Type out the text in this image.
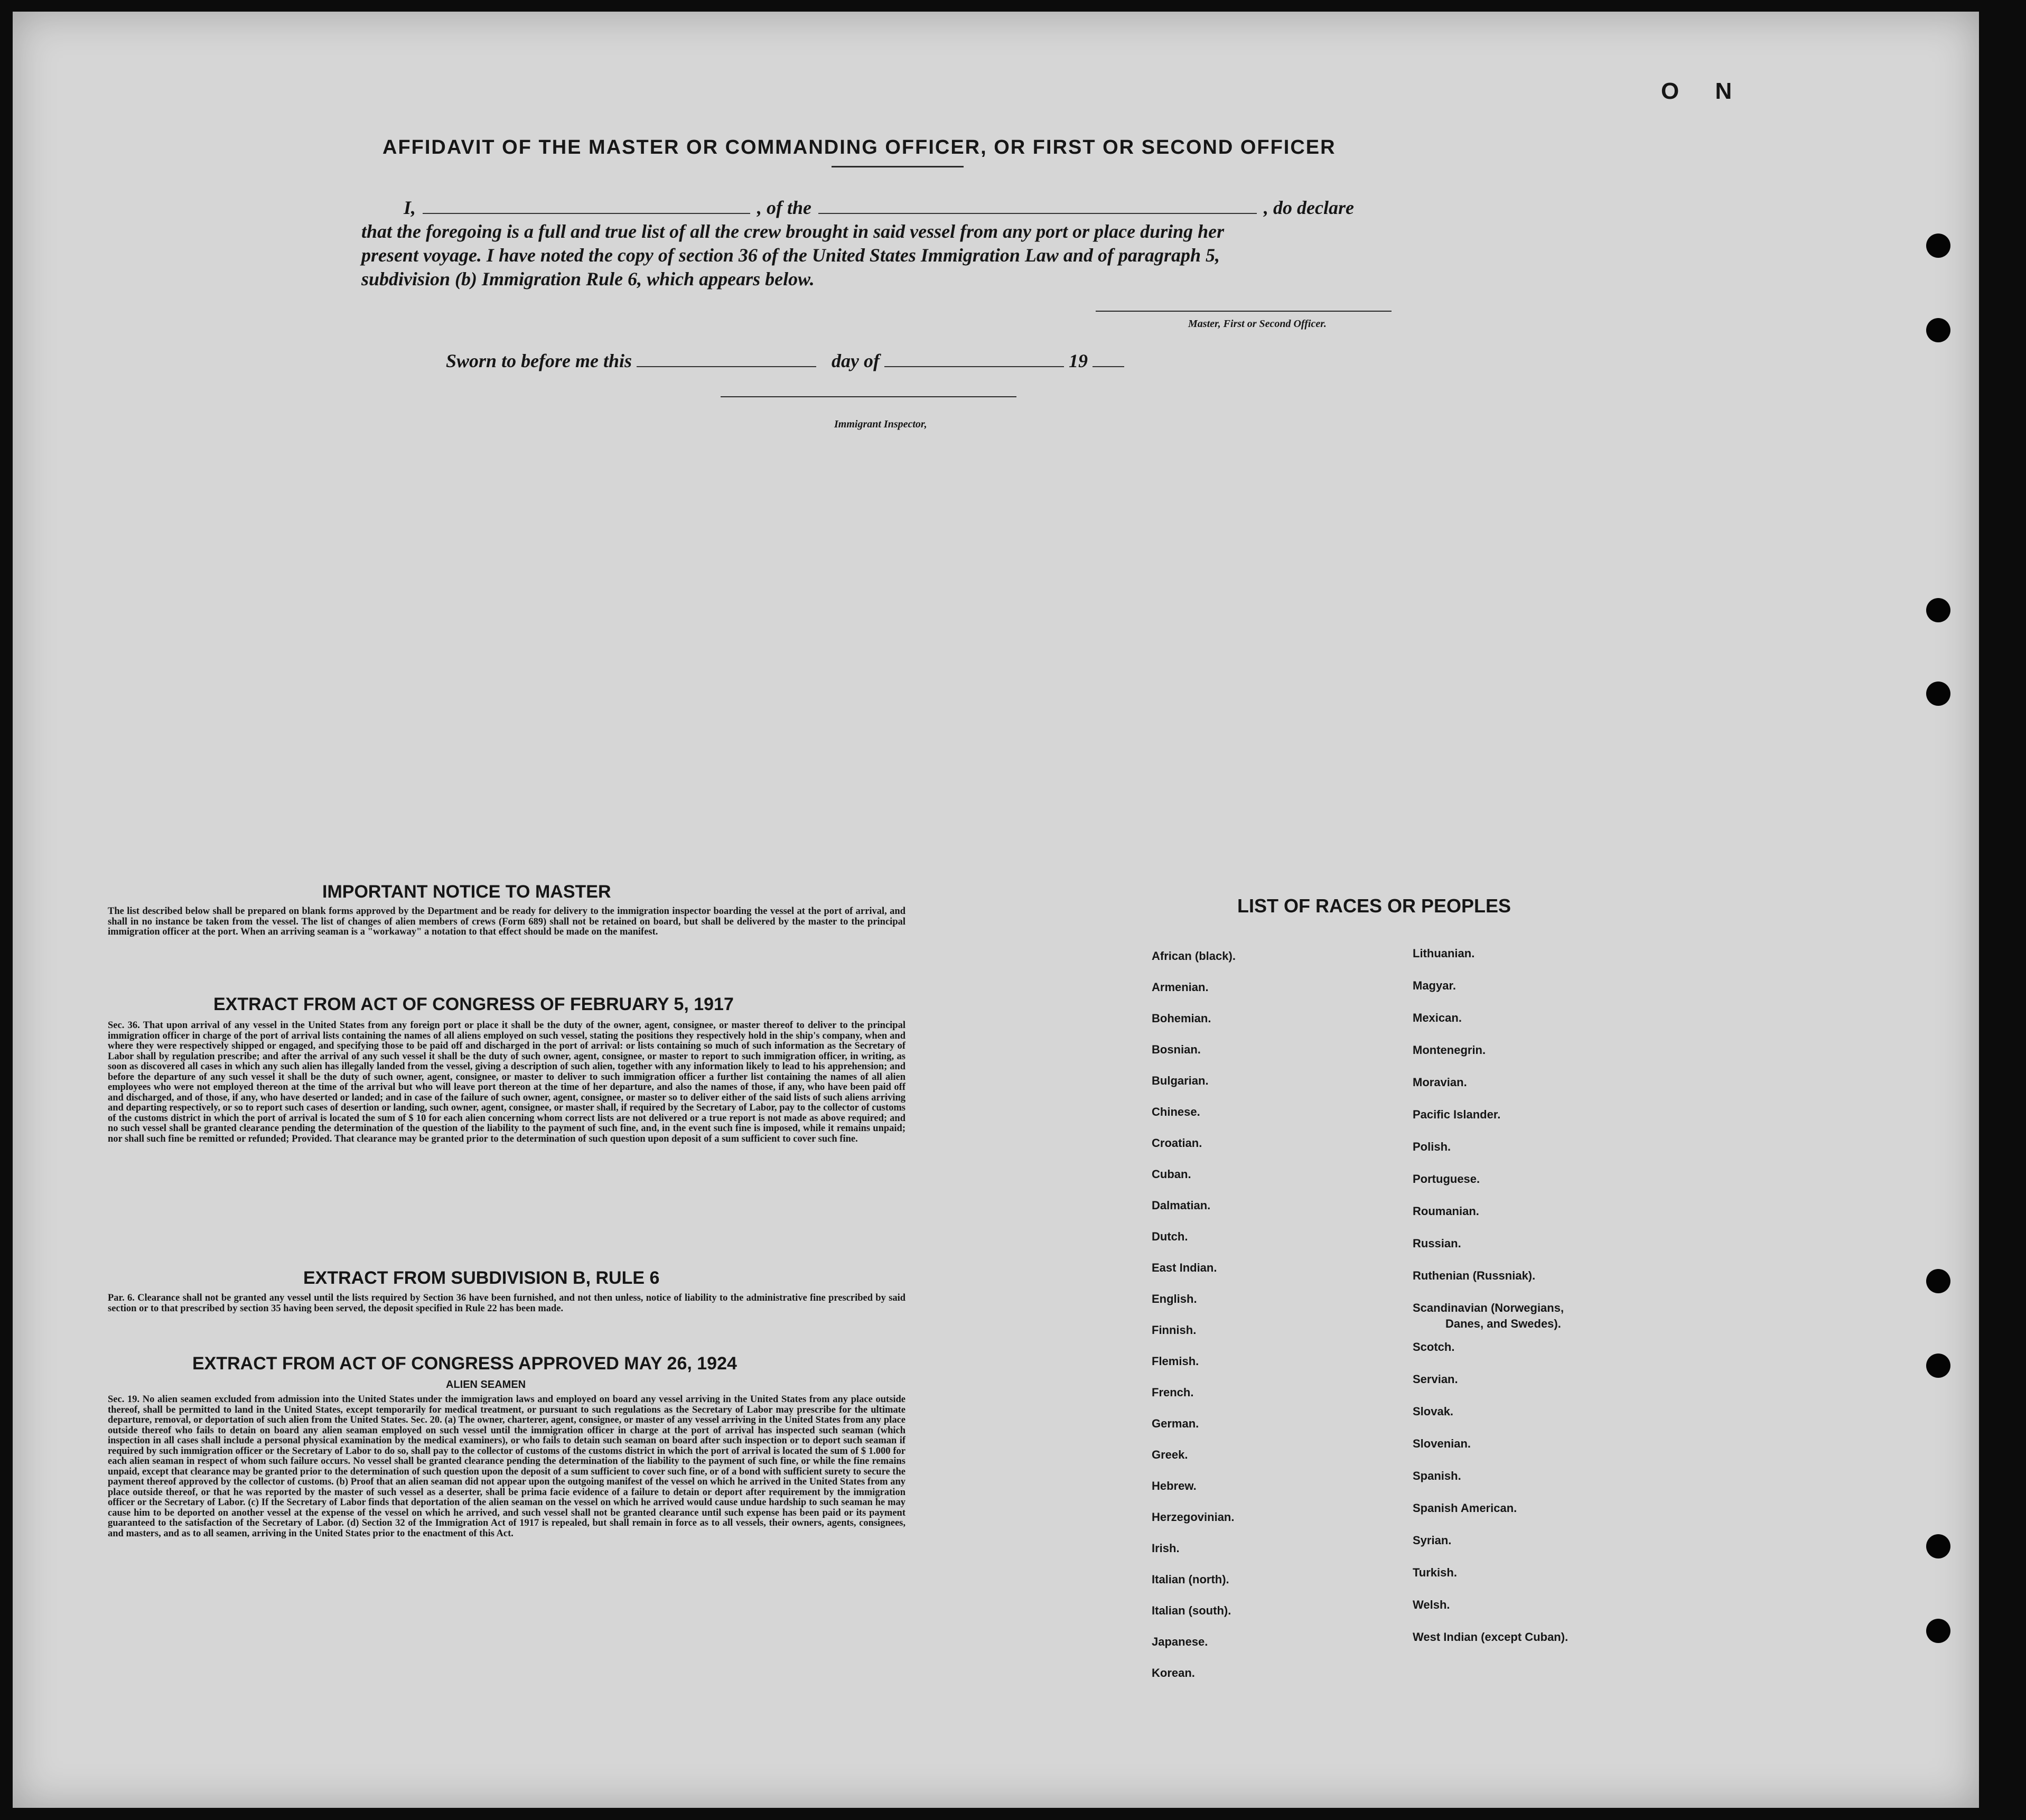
O N
AFFIDAVIT OF THE MASTER OR COMMANDING OFFICER, OR FIRST OR SECOND OFFICER
I,	, of the	, do declare
that the foregoing is a full and true list of all the crew brought in said vessel from any port or place during her
present voyage. I have noted the copy of section 36 of the United States Immigration Law and of paragraph 5,
subdivision (b) Immigration Rule 6, which appears below.
Master, First or Second Officer.
Sworn to before me this	day of	19
Immigrant Inspector,
IMPORTANT NOTICE TO MASTER
The list described below shall be prepared on blank forms approved by the Department and be ready for delivery to the immigration inspector boarding the vessel at the port of arrival, and shall in no instance be taken from the vessel. The list of changes of alien members of crews (Form 689) shall not be retained on board, but shall be delivered by the master to the principal immigration officer at the port. When an arriving seaman is a "workaway" a notation to that effect should be made on the manifest.
EXTRACT FROM ACT OF CONGRESS OF FEBRUARY 5, 1917
Sec. 36. That upon arrival of any vessel in the United States from any foreign port or place it shall be the duty of the owner, agent, consignee, or master thereof to deliver to the principal immigration officer in charge of the port of arrival lists containing the names of all aliens employed on such vessel, stating the positions they respectively hold in the ship's company, when and where they were respectively shipped or engaged, and specifying those to be paid off and discharged in the port of arrival: or lists containing so much of such information as the Secretary of Labor shall by regulation prescribe; and after the arrival of any such vessel it shall be the duty of such owner, agent, consignee, or master to report to such immigration officer, in writing, as soon as discovered all cases in which any such alien has illegally landed from the vessel, giving a description of such alien, together with any information likely to lead to his apprehension; and before the departure of any such vessel it shall be the duty of such owner, agent, consignee, or master to deliver to such immigration officer a further list containing the names of all alien employees who were not employed thereon at the time of the arrival but who will leave port thereon at the time of her departure, and also the names of those, if any, who have been paid off and discharged, and of those, if any, who have deserted or landed; and in case of the failure of such owner, agent, consignee, or master so to deliver either of the said lists of such aliens arriving and departing respectively, or so to report such cases of desertion or landing, such owner, agent, consignee, or master shall, if required by the Secretary of Labor, pay to the collector of customs of the customs district in which the port of arrival is located the sum of $ 10 for each alien concerning whom correct lists are not delivered or a true report is not made as above required; and no such vessel shall be granted clearance pending the determination of the question of the liability to the payment of such fine, and, in the event such fine is imposed, while it remains unpaid; nor shall such fine be remitted or refunded; Provided. That clearance may be granted prior to the determination of such question upon deposit of a sum sufficient to cover such fine.
EXTRACT FROM SUBDIVISION B, RULE 6
Par. 6. Clearance shall not be granted any vessel until the lists required by Section 36 have been furnished, and not then unless, notice of liability to the administrative fine prescribed by said section or to that prescribed by section 35 having been served, the deposit specified in Rule 22 has been made.
EXTRACT FROM ACT OF CONGRESS APPROVED MAY 26, 1924
ALIEN SEAMEN
Sec. 19. No alien seamen excluded from admission into the United States under the immigration laws and employed on board any vessel arriving in the United States from any place outside thereof, shall be permitted to land in the United States, except temporarily for medical treatment, or pursuant to such regulations as the Secretary of Labor may prescribe for the ultimate departure, removal, or deportation of such alien from the United States. Sec. 20. (a) The owner, charterer, agent, consignee, or master of any vessel arriving in the United States from any place outside thereof who fails to detain on board any alien seaman employed on such vessel until the immigration officer in charge at the port of arrival has inspected such seaman (which inspection in all cases shall include a personal physical examination by the medical examiners), or who fails to detain such seaman on board after such inspection or to deport such seaman if required by such immigration officer or the Secretary of Labor to do so, shall pay to the collector of customs of the customs district in which the port of arrival is located the sum of $ 1.000 for each alien seaman in respect of whom such failure occurs. No vessel shall be granted clearance pending the determination of the liability to the payment of such fine, or while the fine remains unpaid, except that clearance may be granted prior to the determination of such question upon the deposit of a sum sufficient to cover such fine, or of a bond with sufficient surety to secure the payment thereof approved by the collector of customs. (b) Proof that an alien seaman did not appear upon the outgoing manifest of the vessel on which he arrived in the United States from any place outside thereof, or that he was reported by the master of such vessel as a deserter, shall be prima facie evidence of a failure to detain or deport after requirement by the immigration officer or the Secretary of Labor. (c) If the Secretary of Labor finds that deportation of the alien seaman on the vessel on which he arrived would cause undue hardship to such seaman he may cause him to be deported on another vessel at the expense of the vessel on which he arrived, and such vessel shall not be granted clearance until such expense has been paid or its payment guaranteed to the satisfaction of the Secretary of Labor. (d) Section 32 of the Immigration Act of 1917 is repealed, but shall remain in force as to all vessels, their owners, agents, consignees, and masters, and as to all seamen, arriving in the United States prior to the enactment of this Act.
LIST OF RACES OR PEOPLES
African (black).
Armenian.
Bohemian.
Bosnian.
Bulgarian.
Chinese.
Croatian.
Cuban.
Dalmatian.
Dutch.
East Indian.
English.
Finnish.
Flemish.
French.
German.
Greek.
Hebrew.
Herzegovinian.
Irish.
Italian (north).
Italian (south).
Japanese.
Korean.
Lithuanian.
Magyar.
Mexican.
Montenegrin.
Moravian.
Pacific Islander.
Polish.
Portuguese.
Roumanian.
Russian.
Ruthenian (Russniak).
Scandinavian (Norwegians,
Danes, and Swedes).
Scotch.
Servian.
Slovak.
Slovenian.
Spanish.
Spanish American.
Syrian.
Turkish.
Welsh.
West Indian (except Cuban).
